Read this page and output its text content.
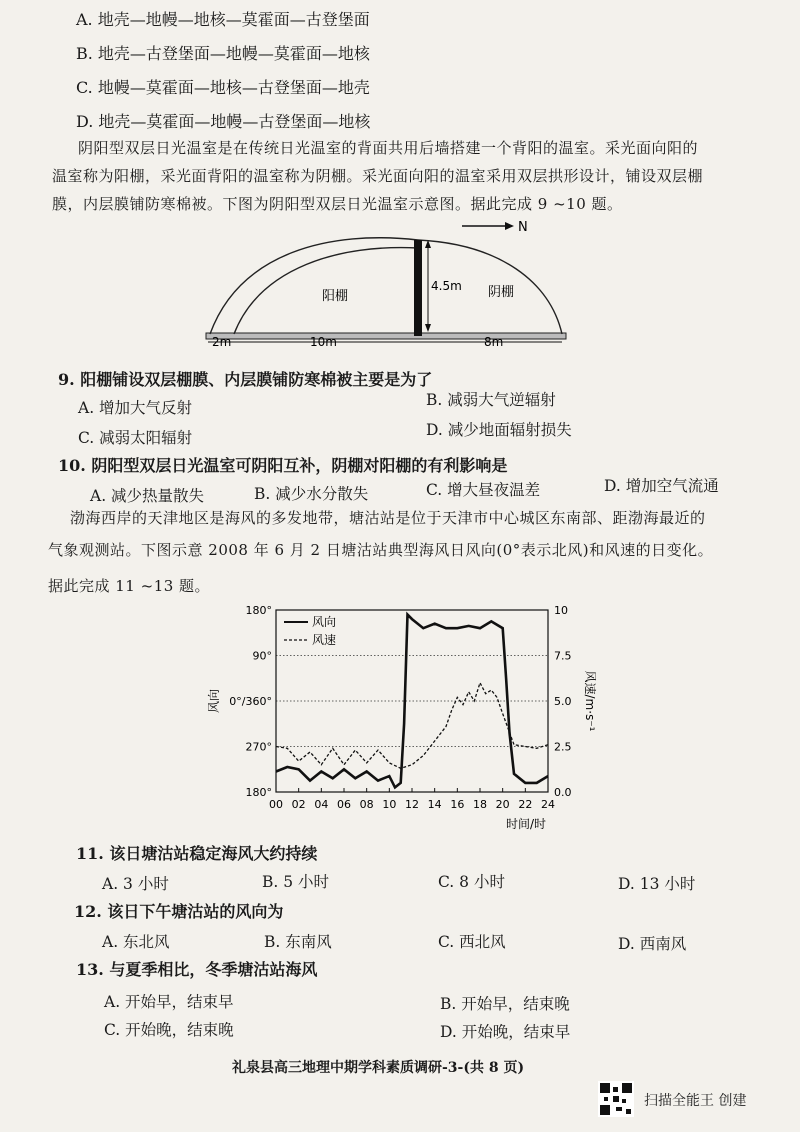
A. 地壳—地幔—地核—莫霍面—古登堡面
B. 地壳—古登堡面—地幔—莫霍面—地核
C. 地幔—莫霍面—地核—古登堡面—地壳
D. 地壳—莫霍面—地幔—古登堡面—地核
阴阳型双层日光温室是在传统日光温室的背面共用后墙搭建一个背阳的温室。采光面向阳的
温室称为阳棚，采光面背阳的温室称为阴棚。采光面向阳的温室采用双层拱形设计，铺设双层棚
膜，内层膜铺防寒棉被。下图为阴阳型双层日光温室示意图。据此完成 9 ~10 题。
N
4.5m
阳棚	阴棚
2m	10m	8m
9. 阳棚铺设双层棚膜、内层膜铺防寒棉被主要是为了
A. 增加大气反射	B. 减弱大气逆辐射
C. 减弱太阳辐射	D. 减少地面辐射损失
10. 阴阳型双层日光温室可阴阳互补，阴棚对阳棚的有利影响是
A. 减少热量散失	B. 减少水分散失	C. 增大昼夜温差	D. 增加空气流通
渤海西岸的天津地区是海风的多发地带，塘沽站是位于天津市中心城区东南部、距渤海最近的
气象观测站。下图示意 2008 年 6 月 2 日塘沽站典型海风日风向(0°表示北风)和风速的日变化。
据此完成 11 ~13 题。
180°
90°
0°/360°
270°
180°
10
7.5
5.0
2.5
0.0
00 02 04 06 08 10 12 14 16 18 20 22 24
风向
风速
风向	风速/m·s⁻¹
时间/时
11. 该日塘沽站稳定海风大约持续
A. 3 小时	B. 5 小时	C. 8 小时	D. 13 小时
12. 该日下午塘沽站的风向为
A. 东北风	B. 东南风	C. 西北风	D. 西南风
13. 与夏季相比，冬季塘沽站海风
A. 开始早，结束早	B. 开始早，结束晚
C. 开始晚，结束晚	D. 开始晚，结束早
礼泉县高三地理中期学科素质调研-3-(共 8 页)
扫描全能王 创建
